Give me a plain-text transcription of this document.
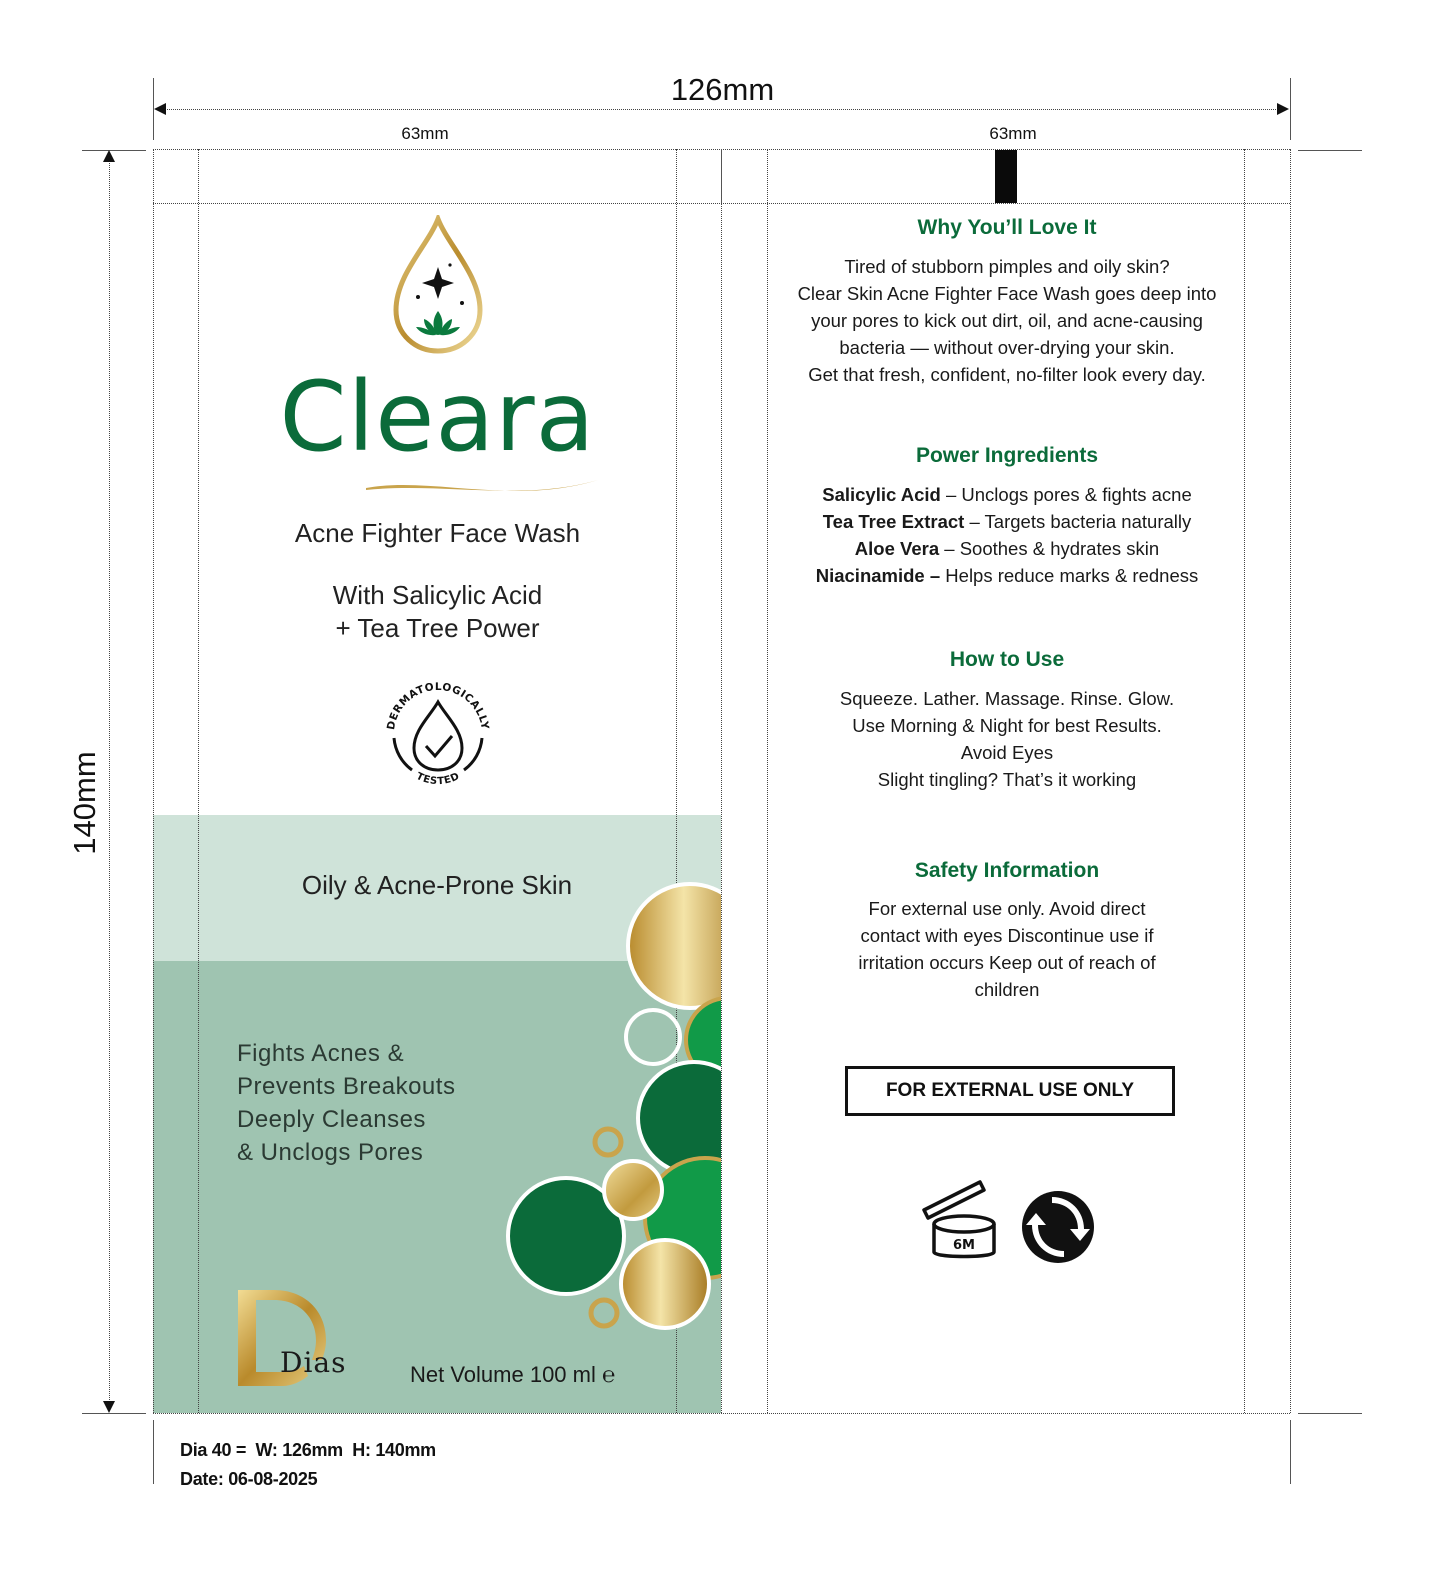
126mm
63mm	63mm
140mm
Cleara
Acne Fighter Face Wash
With Salicylic Acid
+ Tea Tree Power
DERMATOLOGICALLY
TESTED
Oily & Acne-Prone Skin
Fights Acnes &
Prevents Breakouts
Deeply Cleanses
& Unclogs Pores
Dias	Net Volume 100 ml ℮
Why You’ll Love It
Tired of stubborn pimples and oily skin?
Clear Skin Acne Fighter Face Wash goes deep into
your pores to kick out dirt, oil, and acne-causing
bacteria — without over-drying your skin.
Get that fresh, confident, no-filter look every day.
Power Ingredients
Salicylic Acid – Unclogs pores & fights acne
Tea Tree Extract – Targets bacteria naturally
Aloe Vera – Soothes & hydrates skin
Niacinamide – Helps reduce marks & redness
How to Use
Squeeze. Lather. Massage. Rinse. Glow.
Use Morning & Night for best Results.
Avoid Eyes
Slight tingling? That’s it working
Safety Information
For external use only. Avoid direct
contact with eyes Discontinue use if
irritation occurs Keep out of reach of
children
FOR EXTERNAL USE ONLY
6M
Dia 40 =  W: 126mm  H: 140mm
Date: 06-08-2025
